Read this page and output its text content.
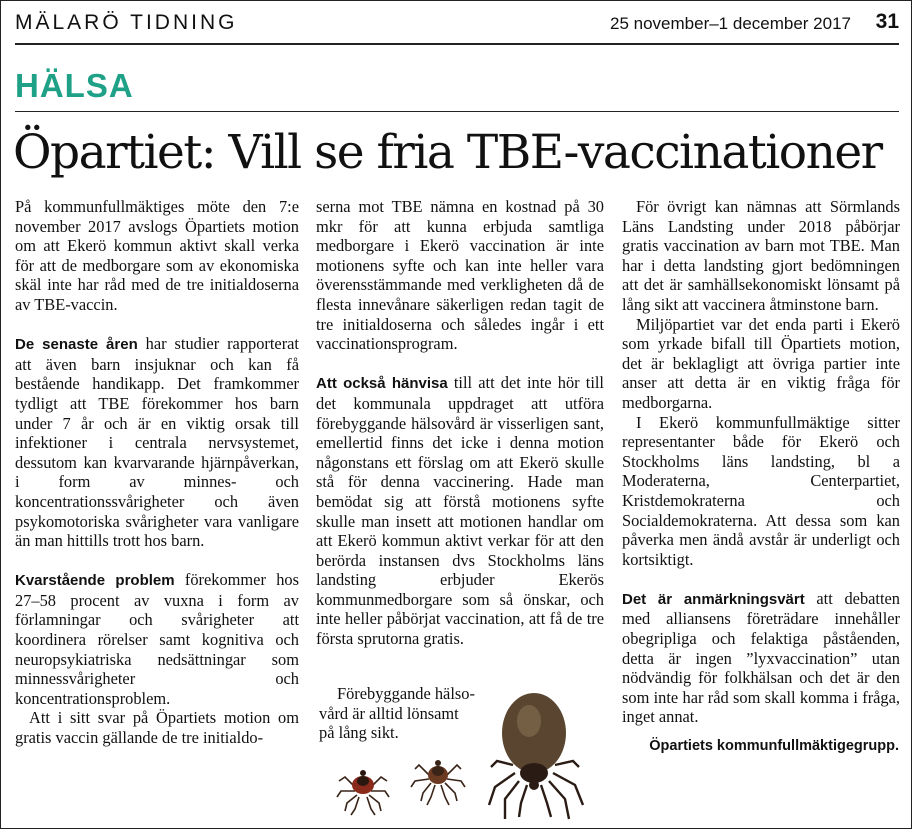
MÄLARÖ TIDNING	25 november–1 december 2017 31
HÄLSA
Öpartiet: Vill se fria TBE-vaccinationer

På kommunfullmäktiges möte den 7:e november 2017 avslogs Öpartiets motion om att Ekerö kommun aktivt skall verka för att de medborgare som av ekonomiska skäl inte har råd med de tre initialdoserna av TBE-vaccin.

De senaste åren har studier rapporterat att även barn insjuknar och kan få bestående handikapp. Det framkommer tydligt att TBE förekommer hos barn under 7 år och är en viktig orsak till infektioner i centrala nervsystemet, dessutom kan kvarvarande hjärnpåverkan, i form av minnes- och koncentrationssvårigheter och även psykomotoriska svårigheter vara vanligare än man hittills trott hos barn.

Kvarstående problem förekommer hos 27–58 procent av vuxna i form av förlamningar och svårigheter att koordinera rörelser samt kognitiva och neuropsykiatriska nedsättningar som minnessvårigheter och koncentrationsproblem.

Att i sitt svar på Öpartiets motion om gratis vaccin gällande de tre initialdo-

serna mot TBE nämna en kostnad på 30 mkr för att kunna erbjuda samtliga medborgare i Ekerö vaccination är inte motionens syfte och kan inte heller vara överensstämmande med verkligheten då de flesta innevånare säkerligen redan tagit de tre initialdoserna och således ingår i ett vaccinationsprogram.

Att också hänvisa till att det inte hör till det kommunala uppdraget att utföra förebyggande hälsovård är visserligen sant, emellertid finns det icke i denna motion någonstans ett förslag om att Ekerö skulle stå för denna vaccinering. Hade man bemödat sig att förstå motionens syfte skulle man insett att motionen handlar om att Ekerö kommun aktivt verkar för att den berörda instansen dvs Stockholms läns landsting erbjuder Ekerös kommunmedborgare som så önskar, och inte heller påbörjat vaccination, att få de tre första sprutorna gratis.

Förebyggande hälso-
vård är alltid lönsamt
på lång sikt.

För övrigt kan nämnas att Sörmlands Läns Landsting under 2018 påbörjar gratis vaccination av barn mot TBE. Man har i detta landsting gjort bedömningen att det är samhällsekonomiskt lönsamt på lång sikt att vaccinera åtminstone barn.

Miljöpartiet var det enda parti i Ekerö som yrkade bifall till Öpartiets motion, det är beklagligt att övriga partier inte anser att detta är en viktig fråga för medborgarna.

I Ekerö kommunfullmäktige sitter representanter både för Ekerö och Stockholms läns landsting, bl a Moderaterna, Centerpartiet, Kristdemokraterna och Socialdemokraterna. Att dessa som kan påverka men ändå avstår är underligt och kortsiktigt.

Det är anmärkningsvärt att debatten med alliansens företrädare innehåller obegripliga och felaktiga påståenden, detta är ingen ”lyxvaccination” utan nödvändig för folkhälsan och det är den som inte har råd som skall komma i fråga, inget annat.

Öpartiets kommunfullmäktigegrupp.
